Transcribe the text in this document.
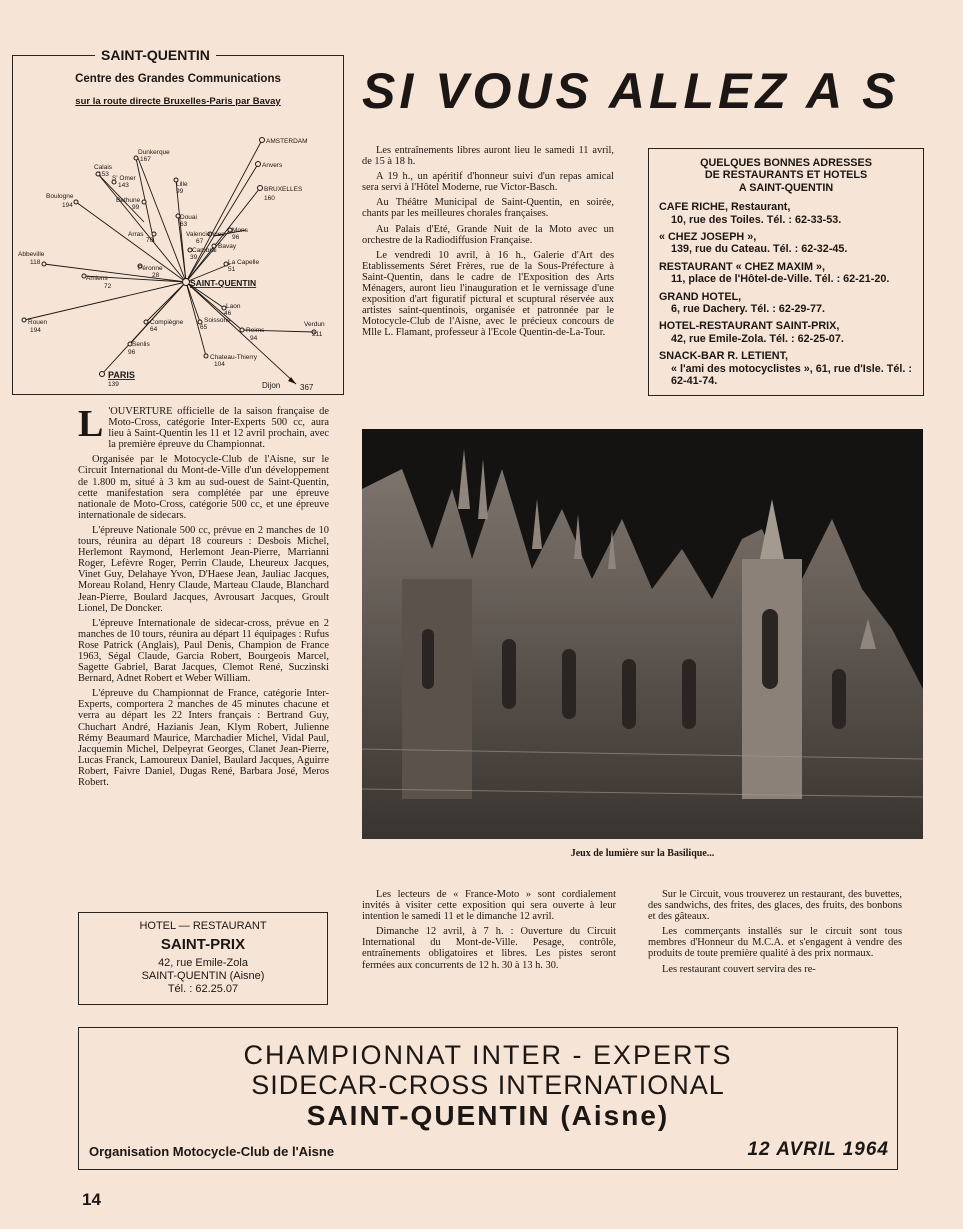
SAINT-QUENTIN
Centre des Grandes Communications
sur la route directe Bruxelles-Paris par Bavay
AMSTERDAM
Anvers
BRUXELLES
160
Dunkerque
167
Calais
153
S' Omer
143	Lille
99
Bethune
99
Boulogne
194
Douai
63
Arras
70
Valenciennes
67
Mons
96
Bavay
Cambrai
39
La Capelle
51
Abbeville
118
Péronne
28
Amiens
72
Laon
46
Compiègne
64
Soissons
65	Reims
94
Verdun
211
Rouen
194
Senlis
96
Chateau-Thierry
104
PARIS
139	Dijon 367
SAINT-QUENTIN
SI VOUS ALLEZ A S

L 'OUVERTURE officielle de la saison française de Moto-Cross, catégorie Inter-Experts 500 cc, aura lieu à Saint-Quentin les 11 et 12 avril prochain, avec la première épreuve du Championnat.

Organisée par le Motocycle-Club de l'Aisne, sur le Circuit International du Mont-de-Ville d'un développement de 1.800 m, situé à 3 km au sud-ouest de Saint-Quentin, cette manifestation sera complétée par une épreuve nationale de Moto-Cross, catégorie 500 cc, et une épreuve internationale de sidecars.

L'épreuve Nationale 500 cc, prévue en 2 manches de 10 tours, réunira au départ 18 coureurs : Desbois Michel, Herlemont Raymond, Herlemont Jean-Pierre, Marrianni Roger, Lefèvre Roger, Perrin Claude, Lheureux Jacques, Vinet Guy, Delahaye Yvon, D'Haese Jean, Jauliac Jacques, Moreau Roland, Henry Claude, Marteau Claude, Blanchard Jean-Pierre, Boulard Jacques, Avrousart Jacques, Groult Lionel, De Doncker.

L'épreuve Internationale de sidecar-cross, prévue en 2 manches de 10 tours, réunira au départ 11 équipages : Rufus Rose Patrick (Anglais), Paul Denis, Champion de France 1963, Ségal Claude, Garcia Robert, Bourgeois Marcel, Sagette Gabriel, Barat Jacques, Clemot René, Suczinski Bernard, Adnet Robert et Weber William.

L'épreuve du Championnat de France, catégorie Inter-Experts, comportera 2 manches de 45 minutes chacune et verra au départ les 22 Inters français : Bertrand Guy, Chuchart André, Hazianis Jean, Klym Robert, Julienne Rémy Beaumard Maurice, Marchadier Michel, Vidal Paul, Jacquemin Michel, Delpeyrat Georges, Clanet Jean-Pierre, Lucas Franck, Lamoureux Daniel, Baulard Jacques, Aguirre Robert, Faivre Daniel, Dugas René, Barbara José, Meros Robert.

Les entraînements libres auront lieu le samedi 11 avril, de 15 à 18 h.

A 19 h., un apéritif d'honneur suivi d'un repas amical sera servi à l'Hôtel Moderne, rue Victor-Basch.

Au Théâtre Municipal de Saint-Quentin, en soirée, chants par les meilleures chorales françaises.

Au Palais d'Eté, Grande Nuit de la Moto avec un orchestre de la Radiodiffusion Française.

Le vendredi 10 avril, à 16 h., Galerie d'Art des Etablissements Séret Frères, rue de la Sous-Préfecture à Saint-Quentin, dans le cadre de l'Exposition des Arts Ménagers, auront lieu l'inauguration et le vernissage d'une exposition d'art figuratif pictural et scuptural réservée aux artistes saint-quentinois, organisée et patronnée par le Motocycle-Club de l'Aisne, avec le précieux concours de Mlle L. Flamant, professeur à l'Ecole Quentin-de-La-Tour.

QUELQUES BONNES ADRESSES
DE RESTAURANTS ET HOTELS
A SAINT-QUENTIN
CAFE RICHE, Restaurant,
10, rue des Toiles. Tél. : 62-33-53.
« CHEZ JOSEPH »,
139, rue du Cateau. Tél. : 62-32-45.
RESTAURANT « CHEZ MAXIM »,
11, place de l'Hôtel-de-Ville. Tél. : 62-21-20.
GRAND HOTEL,
6, rue Dachery. Tél. : 62-29-77.
HOTEL-RESTAURANT SAINT-PRIX,
42, rue Emile-Zola. Tél. : 62-25-07.
SNACK-BAR R. LETIENT,
« l'ami des motocyclistes », 61, rue d'Isle. Tél. : 62-41-74.
Jeux de lumière sur la Basilique...

Les lecteurs de « France-Moto » sont cordialement invités à visiter cette exposition qui sera ouverte à leur intention le samedi 11 et le dimanche 12 avril.

Dimanche 12 avril, à 7 h. : Ouverture du Circuit International du Mont-de-Ville. Pesage, contrôle, entraînements obligatoires et libres. Les pistes seront fermées aux concurrents de 12 h. 30 à 13 h. 30.

Sur le Circuit, vous trouverez un restaurant, des buvettes, des sandwichs, des frites, des glaces, des fruits, des bonbons et des gâteaux.

Les commerçants installés sur le circuit sont tous membres d'Honneur du M.C.A. et s'engagent à vendre des produits de toute première qualité à des prix normaux.

Les restaurant couvert servira des re-

HOTEL — RESTAURANT
SAINT-PRIX
42, rue Emile-Zola
SAINT-QUENTIN (Aisne)
Tél. : 62.25.07
CHAMPIONNAT INTER - EXPERTS
SIDECAR-CROSS INTERNATIONAL
SAINT-QUENTIN (Aisne)
Organisation Motocycle-Club de l'Aisne	12 AVRIL 1964
14
